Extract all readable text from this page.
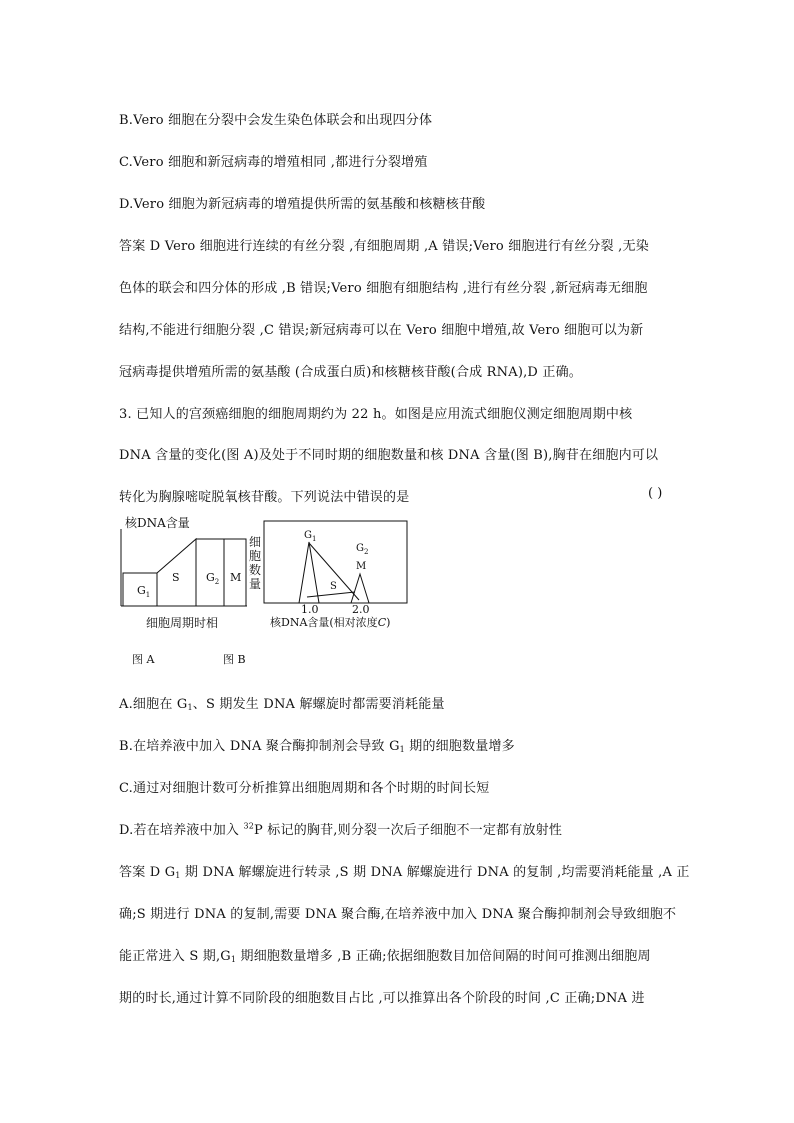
B.Vero 细胞在分裂中会发生染色体联会和出现四分体
C.Vero 细胞和新冠病毒的增殖相同 ,都进行分裂增殖
D.Vero 细胞为新冠病毒的增殖提供所需的氨基酸和核糖核苷酸
答案 D Vero 细胞进行连续的有丝分裂 ,有细胞周期 ,A 错误;Vero 细胞进行有丝分裂 ,无染
色体的联会和四分体的形成 ,B 错误;Vero 细胞有细胞结构 ,进行有丝分裂 ,新冠病毒无细胞
结构,不能进行细胞分裂 ,C 错误;新冠病毒可以在 Vero 细胞中增殖,故 Vero 细胞可以为新
冠病毒提供增殖所需的氨基酸 (合成蛋白质)和核糖核苷酸(合成 RNA),D 正确。
3. 已知人的宫颈癌细胞的细胞周期约为 22 h。如图是应用流式细胞仪测定细胞周期中核
DNA 含量的变化(图 A)及处于不同时期的细胞数量和核 DNA 含量(图 B),胸苷在细胞内可以
转化为胸腺嘧啶脱氧核苷酸。下列说法中错误的是	( )
核DNA含量
$G_1$
S $G_2$ M
细胞周期时相
图 A
细
胞
数
量
$G_1$
$G_2$
M
S
1.0	2.0
核DNA含量(相对浓度C)
图 B
A.细胞在 $G_1$、S 期发生 DNA 解螺旋时都需要消耗能量
B.在培养液中加入 DNA 聚合酶抑制剂会导致 $G_1$ 期的细胞数量增多
C.通过对细胞计数可分析推算出细胞周期和各个时期的时间长短
D.若在培养液中加入 $^{32}$P 标记的胸苷,则分裂一次后子细胞不一定都有放射性
答案 D $G_1$ 期 DNA 解螺旋进行转录 ,S 期 DNA 解螺旋进行 DNA 的复制 ,均需要消耗能量 ,A 正
确;S 期进行 DNA 的复制,需要 DNA 聚合酶,在培养液中加入 DNA 聚合酶抑制剂会导致细胞不
能正常进入 S 期$,G_1$ 期细胞数量增多 ,B 正确;依据细胞数目加倍间隔的时间可推测出细胞周
期的时长,通过计算不同阶段的细胞数目占比 ,可以推算出各个阶段的时间 ,C 正确;DNA 进
